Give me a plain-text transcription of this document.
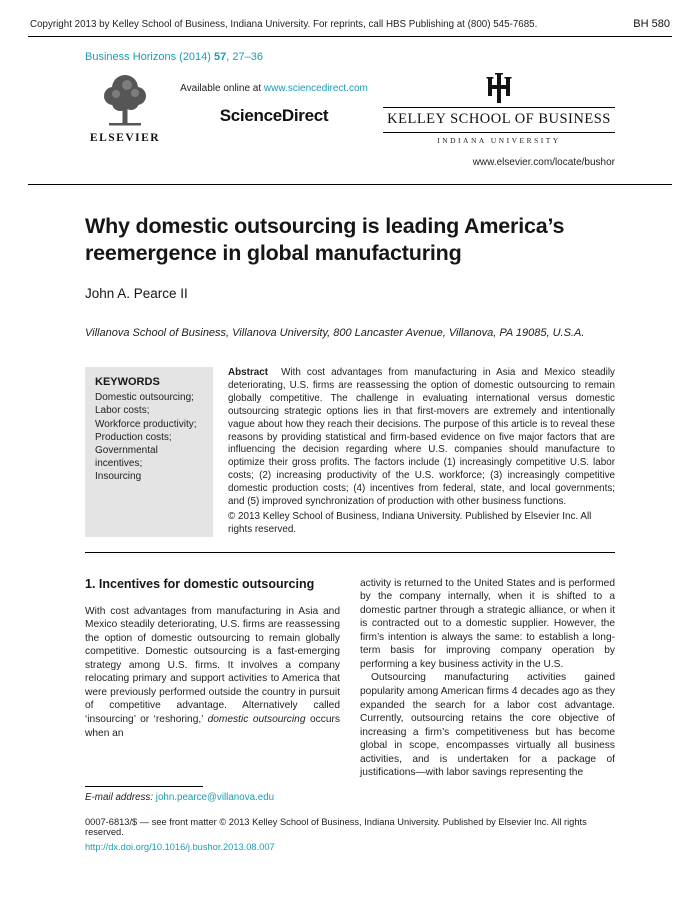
Copyright 2013 by Kelley School of Business, Indiana University. For reprints, call HBS Publishing at (800) 545-7685.	BH 580
Business Horizons (2014) 57, 27–36
ELSEVIER
Available online at www.sciencedirect.com
ScienceDirect	KELLEY SCHOOL OF BUSINESS
INDIANA UNIVERSITY
www.elsevier.com/locate/bushor
Why domestic outsourcing is leading America’s reemergence in global manufacturing
John A. Pearce II
Villanova School of Business, Villanova University, 800 Lancaster Avenue, Villanova, PA 19085, U.S.A.
KEYWORDS
Domestic outsourcing;
Labor costs;
Workforce productivity;
Production costs;
Governmental incentives;
Insourcing

Abstract With cost advantages from manufacturing in Asia and Mexico steadily deteriorating, U.S. firms are reassessing the option of domestic outsourcing to remain globally competitive. The challenge in evaluating international versus domestic outsourcing strategic options lies in that first-movers are extremely and intentionally vague about how they reach their decisions. The purpose of this article is to reveal these reasons by providing statistical and firm-based evidence on five major factors that are influencing the decision regarding where U.S. companies should manufacture to optimize their gross profits. The factors include (1) increasingly competitive U.S. labor costs; (2) increasing productivity of the U.S. workforce; (3) increasingly competitive domestic production costs; (4) incentives from federal, state, and local governments; and (5) improved synchronization of production with other business functions.

© 2013 Kelley School of Business, Indiana University. Published by Elsevier Inc. All rights reserved.

1. Incentives for domestic outsourcing

With cost advantages from manufacturing in Asia and Mexico steadily deteriorating, U.S. firms are reassessing the option of domestic outsourcing to remain globally competitive. Domestic outsourcing is a fast-emerging strategy among U.S. firms. It involves a company relocating primary and support activities to America that were previously performed outside the country in pursuit of competitive advantage. Alternatively called ‘insourcing’ or ‘reshoring,’ domestic outsourcing occurs when an

E-mail address: john.pearce@villanova.edu

activity is returned to the United States and is performed by the company internally, when it is shifted to a domestic partner through a strategic alliance, or when it is contracted out to a domestic supplier. However, the firm’s intention is always the same: to establish a long-term basis for improving company operation by performing a key business activity in the U.S.

Outsourcing manufacturing activities gained popularity among American firms 4 decades ago as they expanded the search for a labor cost advantage. Currently, outsourcing retains the core objective of increasing a firm’s competitiveness but has become global in scope, encompasses virtually all business activities, and is undertaken for a package of justifications—with labor savings representing the

0007-6813/$ — see front matter © 2013 Kelley School of Business, Indiana University. Published by Elsevier Inc. All rights reserved.
http://dx.doi.org/10.1016/j.bushor.2013.08.007
